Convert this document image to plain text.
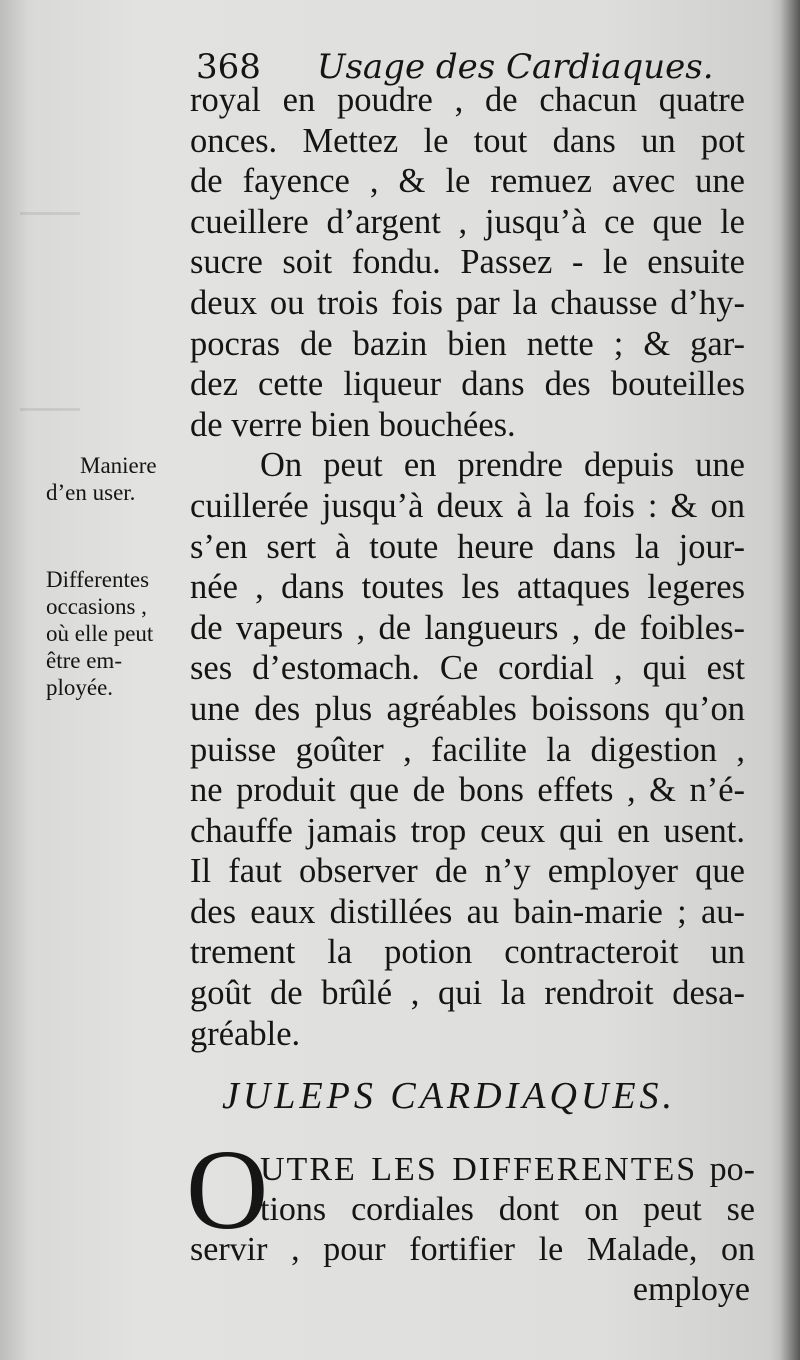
368 Usage des Cardiaques.
royal en poudre , de chacun quatre
onces. Mettez le tout dans un pot
de fayence , & le remuez avec une
cueillere d’argent , jusqu’à ce que le
sucre soit fondu. Passez - le ensuite
deux ou trois fois par la chausse d’hy-
pocras de bazin bien nette ; & gar-
dez cette liqueur dans des bouteilles
de verre bien bouchées.
On peut en prendre depuis une
cuillerée jusqu’à deux à la fois : & on
s’en sert à toute heure dans la jour-
née , dans toutes les attaques legeres
de vapeurs , de langueurs , de foibles-
ses d’estomach. Ce cordial , qui est
une des plus agréables boissons qu’on
puisse goûter , facilite la digestion ,
ne produit que de bons effets , & n’é-
chauffe jamais trop ceux qui en usent.
Il faut observer de n’y employer que
des eaux distillées au bain-marie ; au-
trement la potion contracteroit un
goût de brûlé , qui la rendroit desa-
gréable.
Maniere
d’en user.
Differentes
occasions ,
où elle peut
être em-
ployée.
JULEPS CARDIAQUES.
O
UTRE LES DIFFERENTES po-
tions cordiales dont on peut se
servir , pour fortifier le Malade, on
employe
